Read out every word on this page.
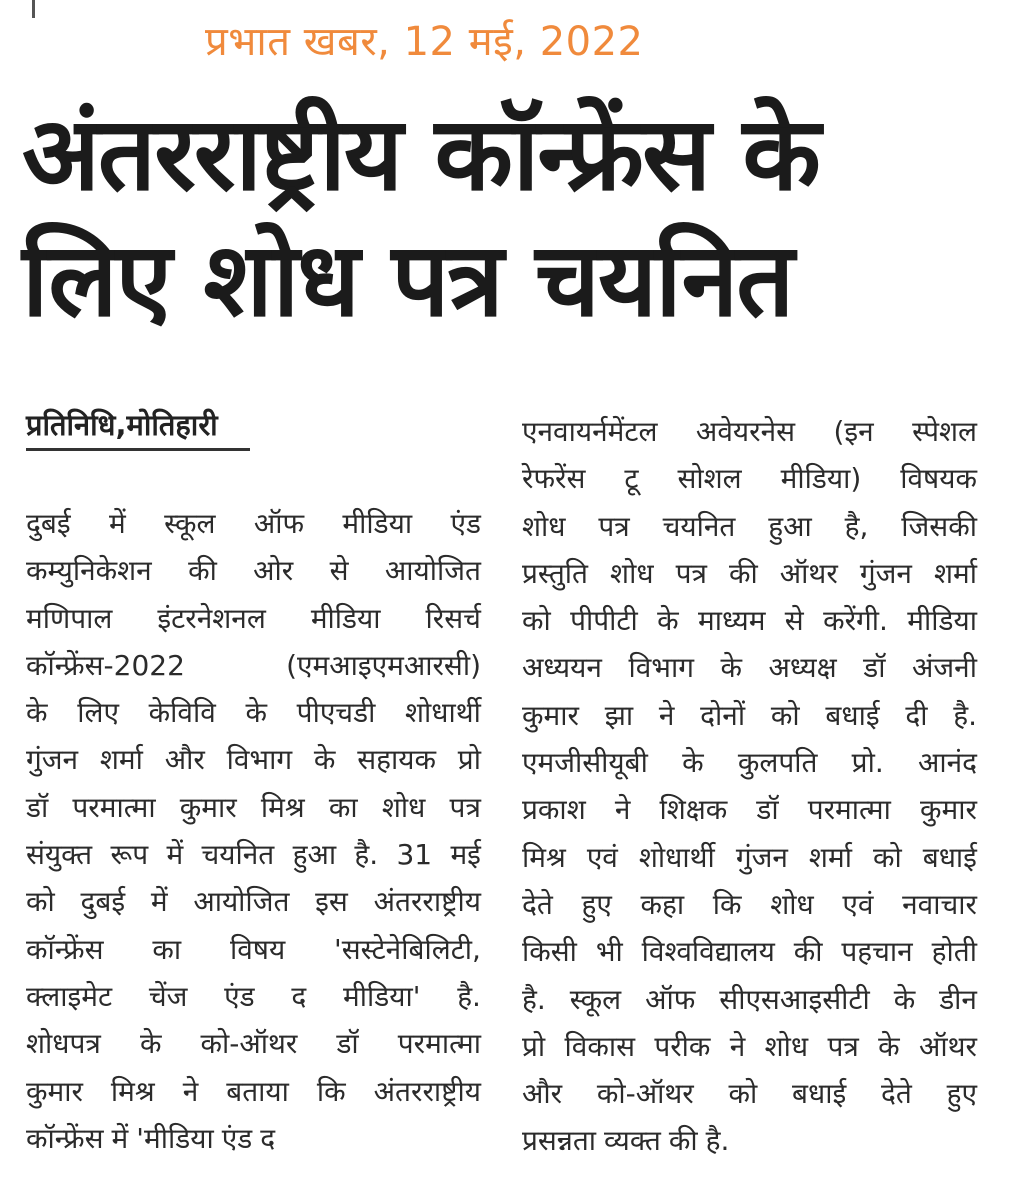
प्रभात खबर, 12 मई, 2022
अंतरराष्ट्रीय कॉन्फ्रेंस के
लिए शोध पत्र चयनित
प्रतिनिधि,मोतिहारी
दुबई में स्कूल ऑफ मीडिया एंड
कम्युनिकेशन की ओर से आयोजित
मणिपाल इंटरनेशनल मीडिया रिसर्च
कॉन्फ्रेंस-2022	(एमआइएमआरसी)
के लिए केविवि के पीएचडी शोधार्थी
गुंजन शर्मा और विभाग के सहायक प्रो
डॉ परमात्मा कुमार मिश्र का शोध पत्र
संयुक्त रूप में चयनित हुआ है. 31 मई
को दुबई में आयोजित इस अंतरराष्ट्रीय
कॉन्फ्रेंस का विषय 'सस्टेनेबिलिटी,
क्लाइमेट चेंज एंड द मीडिया' है.
शोधपत्र के को-ऑथर डॉ परमात्मा
कुमार मिश्र ने बताया कि अंतरराष्ट्रीय
कॉन्फ्रेंस में 'मीडिया एंड द
एनवायर्नमेंटल अवेयरनेस (इन स्पेशल
रेफरेंस टू सोशल मीडिया) विषयक
शोध पत्र चयनित हुआ है, जिसकी
प्रस्तुति शोध पत्र की ऑथर गुंजन शर्मा
को पीपीटी के माध्यम से करेंगी. मीडिया
अध्ययन विभाग के अध्यक्ष डॉ अंजनी
कुमार झा ने दोनों को बधाई दी है.
एमजीसीयूबी के कुलपति प्रो. आनंद
प्रकाश ने शिक्षक डॉ परमात्मा कुमार
मिश्र एवं शोधार्थी गुंजन शर्मा को बधाई
देते हुए कहा कि शोध एवं नवाचार
किसी भी विश्वविद्यालय की पहचान होती
है. स्कूल ऑफ सीएसआइसीटी के डीन
प्रो विकास परीक ने शोध पत्र के ऑथर
और को-ऑथर को बधाई देते हुए
प्रसन्नता व्यक्त की है.
